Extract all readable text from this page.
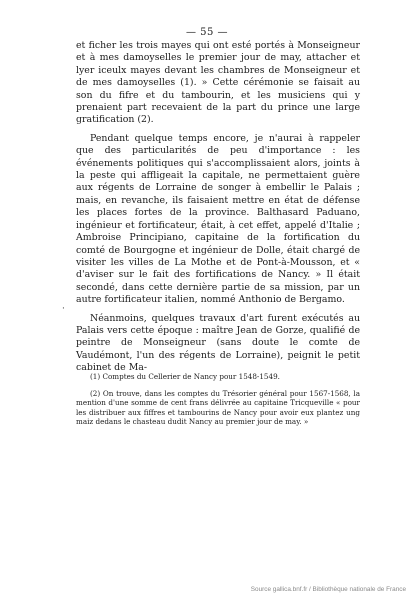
— 55 —

et ficher les trois mayes qui ont esté portés à Monseigneur et à mes damoyselles le premier jour de may, attacher et lyer iceulx mayes devant les chambres de Monseigneur et de mes damoyselles (1). » Cette cérémonie se faisait au son du fifre et du tambourin, et les musiciens qui y prenaient part recevaient de la part du prince une large gratification (2).

Pendant quelque temps encore, je n'aurai à rappeler que des particularités de peu d'importance : les événements politiques qui s'accomplissaient alors, joints à la peste qui affligeait la capitale, ne permettaient guère aux régents de Lorraine de songer à embellir le Palais ; mais, en revanche, ils faisaient mettre en état de défense les places fortes de la province. Balthasard Paduano, ingénieur et fortificateur, était, à cet effet, appelé d'Italie ; Ambroise Principiano, capitaine de la fortification du comté de Bourgogne et ingénieur de Dolle, était chargé de visiter les villes de La Mothe et de Pont-à-Mousson, et « d'aviser sur le fait des fortifications de Nancy. » Il était secondé, dans cette dernière partie de sa mission, par un autre fortificateur italien, nommé Anthonio de Bergamo.

Néanmoins, quelques travaux d'art furent exécutés au Palais vers cette époque : maître Jean de Gorze, qualifié de peintre de Monseigneur (sans doute le comte de Vaudémont, l'un des régents de Lorraine), peignit le petit cabinet de Ma-

·

(1) Comptes du Cellerier de Nancy pour 1548-1549.

(2) On trouve, dans les comptes du Trésorier général pour 1567-1568, la mention d'une somme de cent frans délivrée au capitaine Tricqueville « pour les distribuer aux fiffres et tambourins de Nancy pour avoir eux plantez ung maiz dedans le chasteau dudit Nancy au premier jour de may. »

Source gallica.bnf.fr / Bibliothèque nationale de France
